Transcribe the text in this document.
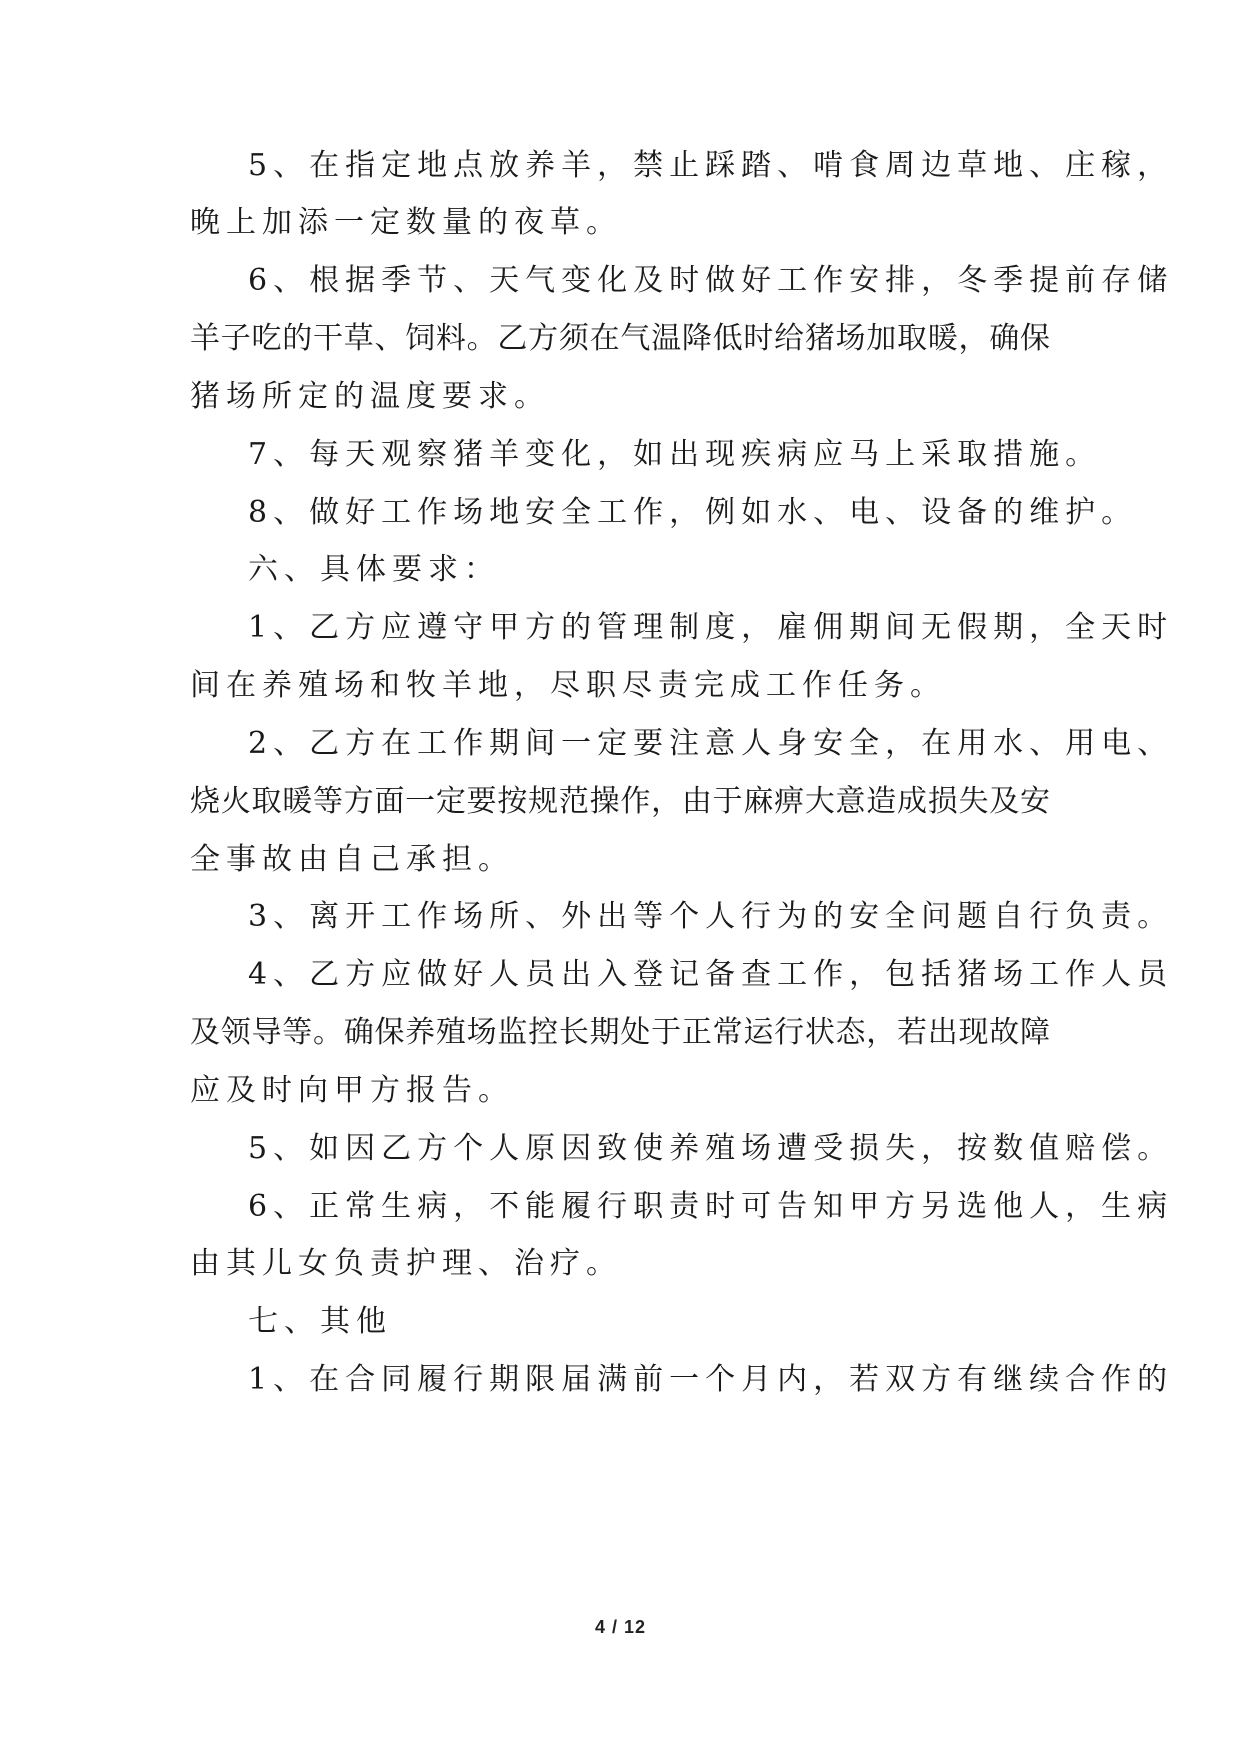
5、在指定地点放养羊，禁止踩踏、啃食周边草地、庄稼，
晚上加添一定数量的夜草。
6、根据季节、天气变化及时做好工作安排，冬季提前存储
羊子吃的干草、饲料。乙方须在气温降低时给猪场加取暖，确保
猪场所定的温度要求。
7、每天观察猪羊变化，如出现疾病应马上采取措施。
8、做好工作场地安全工作，例如水、电、设备的维护。
六、具体要求：
1、乙方应遵守甲方的管理制度，雇佣期间无假期，全天时
间在养殖场和牧羊地，尽职尽责完成工作任务。
2、乙方在工作期间一定要注意人身安全，在用水、用电、
烧火取暖等方面一定要按规范操作，由于麻痹大意造成损失及安
全事故由自己承担。
3、离开工作场所、外出等个人行为的安全问题自行负责。
4、乙方应做好人员出入登记备查工作，包括猪场工作人员
及领导等。确保养殖场监控长期处于正常运行状态，若出现故障
应及时向甲方报告。
5、如因乙方个人原因致使养殖场遭受损失，按数值赔偿。
6、正常生病，不能履行职责时可告知甲方另选他人，生病
由其儿女负责护理、治疗。
七、其他
1、在合同履行期限届满前一个月内，若双方有继续合作的
4 / 12
